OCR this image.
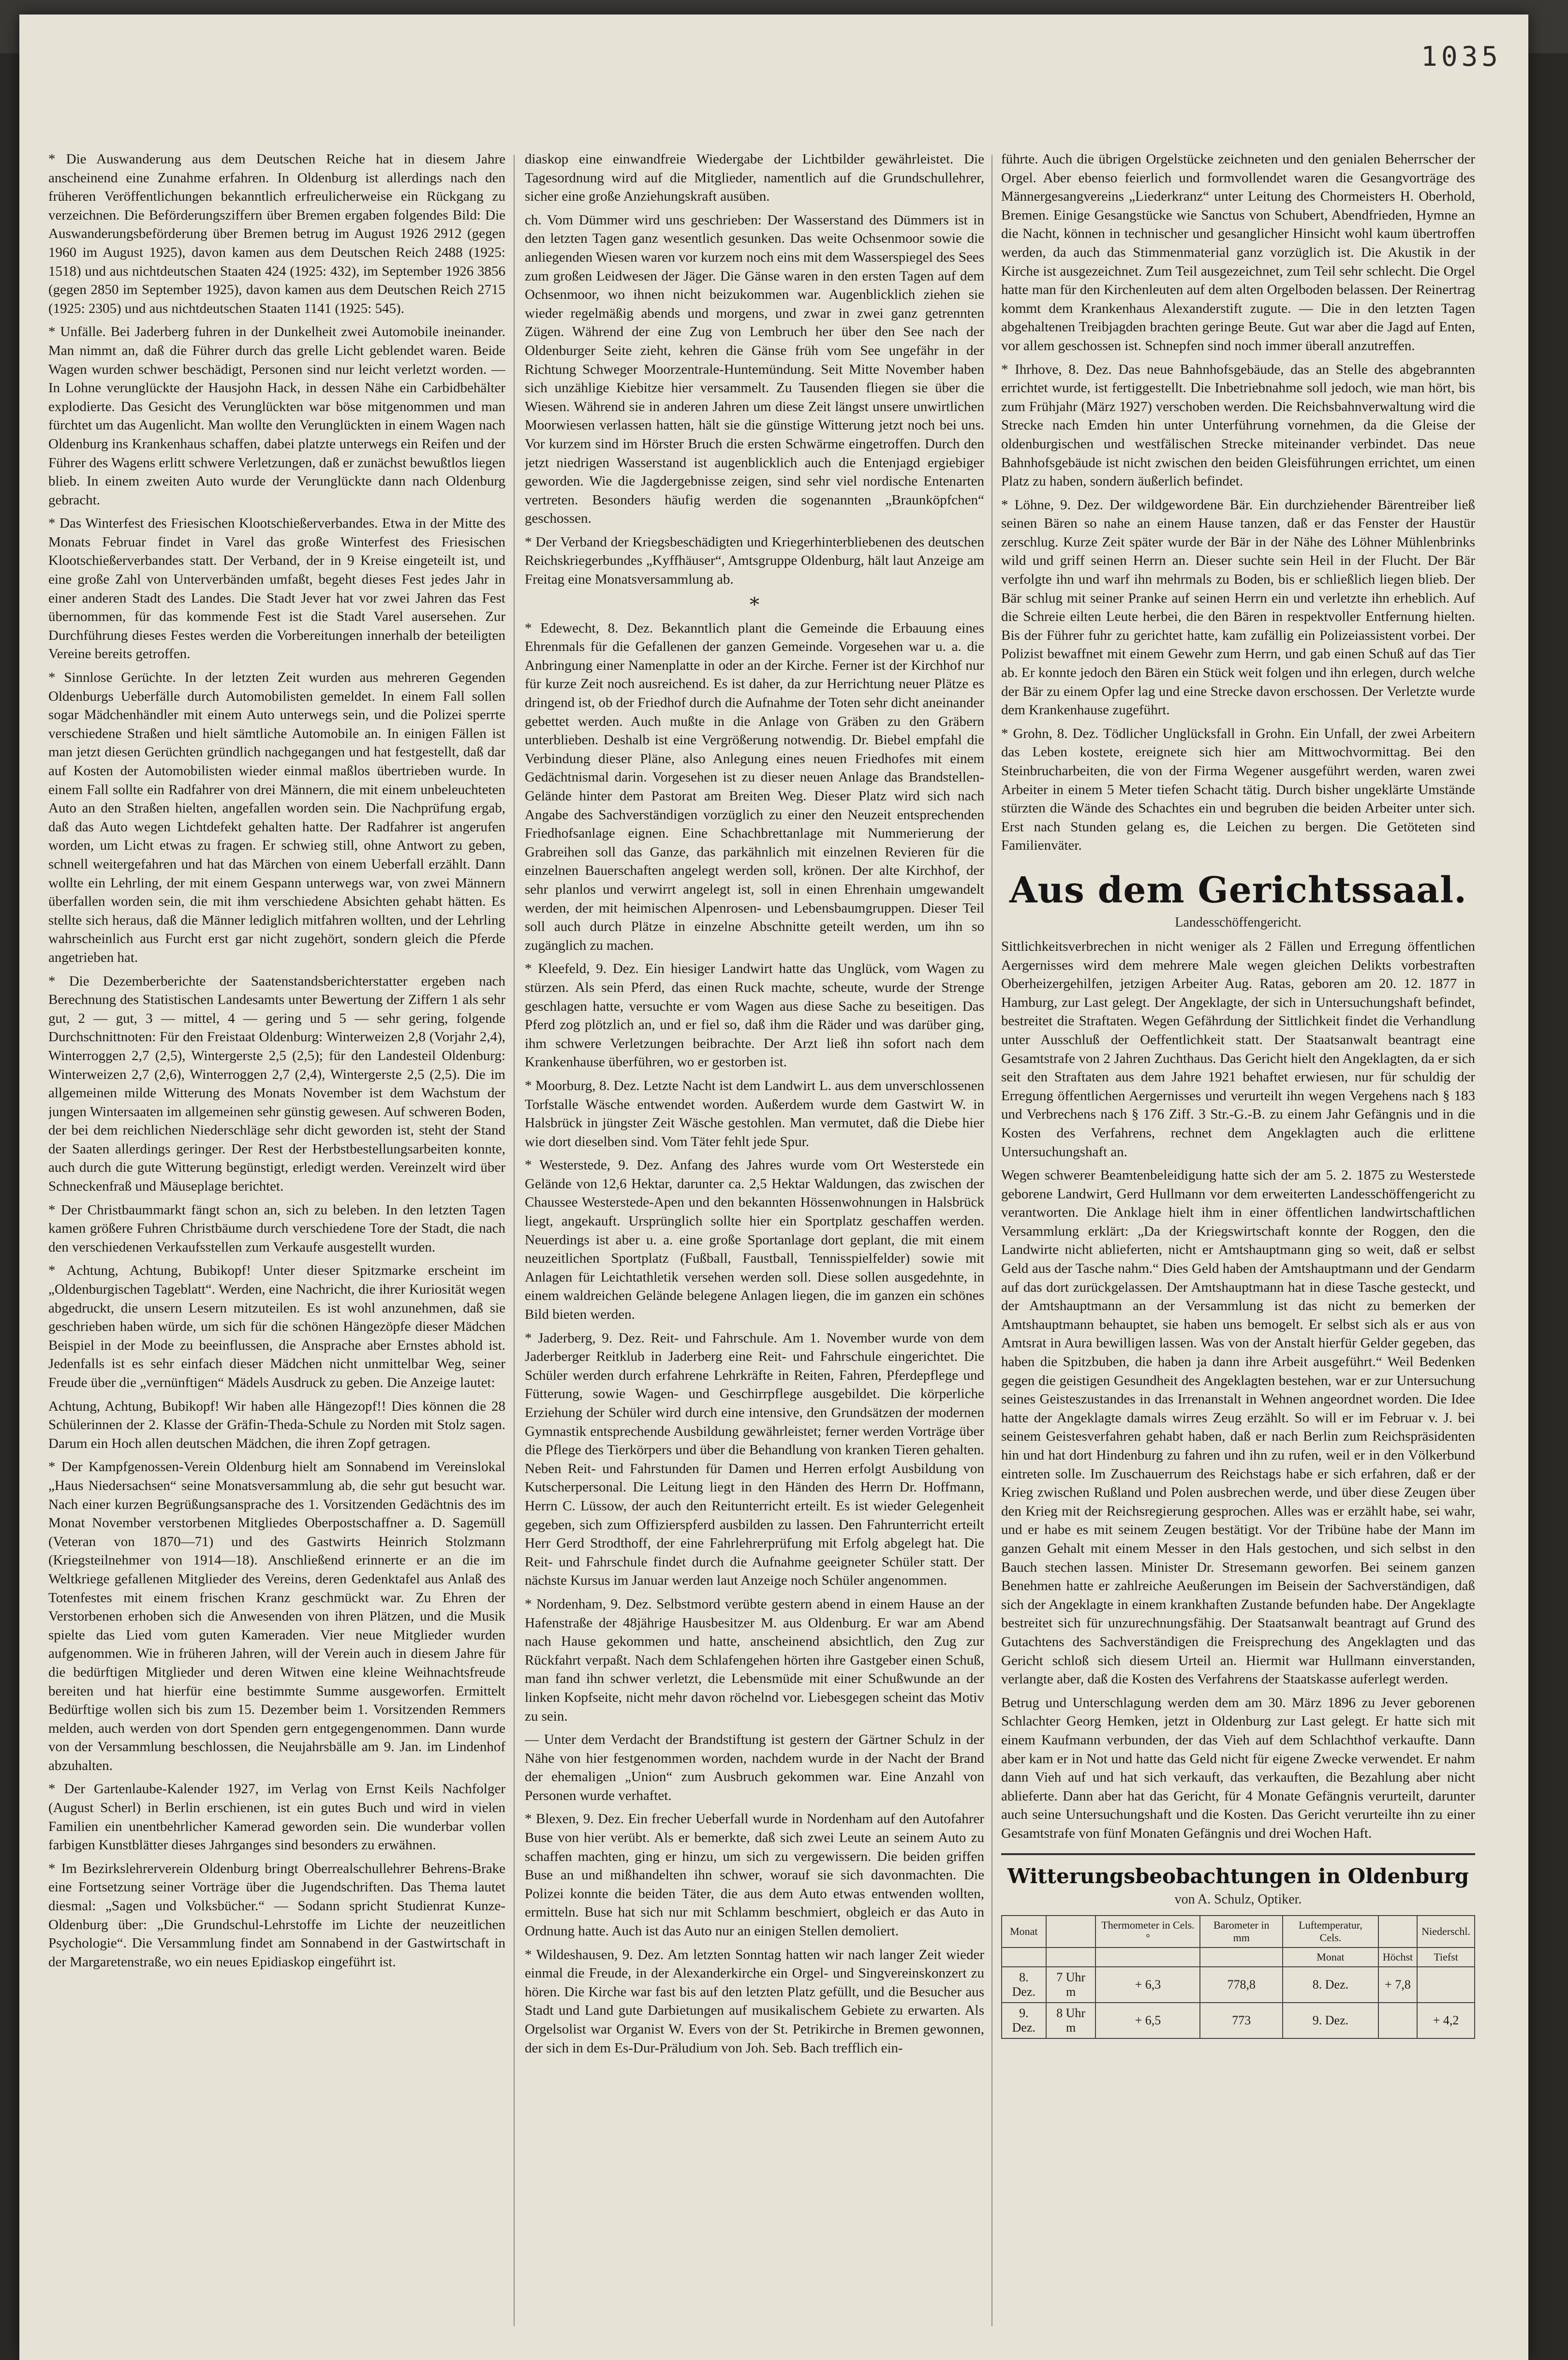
1035

* Die Auswanderung aus dem Deutschen Reiche hat in diesem Jahre anscheinend eine Zunahme erfahren. In Oldenburg ist allerdings nach den früheren Veröffentlichungen bekanntlich erfreulicherweise ein Rückgang zu verzeichnen. Die Beförderungsziffern über Bremen ergaben folgendes Bild: Die Auswanderungsbeförderung über Bremen betrug im August 1926 2912 (gegen 1960 im August 1925), davon kamen aus dem Deutschen Reich 2488 (1925: 1518) und aus nichtdeutschen Staaten 424 (1925: 432), im September 1926 3856 (gegen 2850 im September 1925), davon kamen aus dem Deutschen Reich 2715 (1925: 2305) und aus nichtdeutschen Staaten 1141 (1925: 545).

* Unfälle. Bei Jaderberg fuhren in der Dunkelheit zwei Automobile ineinander. Man nimmt an, daß die Führer durch das grelle Licht geblendet waren. Beide Wagen wurden schwer beschädigt, Personen sind nur leicht verletzt worden. — In Lohne verunglückte der Hausjohn Hack, in dessen Nähe ein Carbidbehälter explodierte. Das Gesicht des Verunglückten war böse mitgenommen und man fürchtet um das Augenlicht. Man wollte den Verunglückten in einem Wagen nach Oldenburg ins Krankenhaus schaffen, dabei platzte unterwegs ein Reifen und der Führer des Wagens erlitt schwere Verletzungen, daß er zunächst bewußtlos liegen blieb. In einem zweiten Auto wurde der Verunglückte dann nach Oldenburg gebracht.

* Das Winterfest des Friesischen Klootschießerverbandes. Etwa in der Mitte des Monats Februar findet in Varel das große Winterfest des Friesischen Klootschießerverbandes statt. Der Verband, der in 9 Kreise eingeteilt ist, und eine große Zahl von Unterverbänden umfaßt, begeht dieses Fest jedes Jahr in einer anderen Stadt des Landes. Die Stadt Jever hat vor zwei Jahren das Fest übernommen, für das kommende Fest ist die Stadt Varel ausersehen. Zur Durchführung dieses Festes werden die Vorbereitungen innerhalb der beteiligten Vereine bereits getroffen.

* Sinnlose Gerüchte. In der letzten Zeit wurden aus mehreren Gegenden Oldenburgs Ueberfälle durch Automobilisten gemeldet. In einem Fall sollen sogar Mädchenhändler mit einem Auto unterwegs sein, und die Polizei sperrte verschiedene Straßen und hielt sämtliche Automobile an. In einigen Fällen ist man jetzt diesen Gerüchten gründlich nachgegangen und hat festgestellt, daß dar auf Kosten der Automobilisten wieder einmal maßlos übertrieben wurde. In einem Fall sollte ein Radfahrer von drei Männern, die mit einem unbeleuchteten Auto an den Straßen hielten, angefallen worden sein. Die Nachprüfung ergab, daß das Auto wegen Lichtdefekt gehalten hatte. Der Radfahrer ist angerufen worden, um Licht etwas zu fragen. Er schwieg still, ohne Antwort zu geben, schnell weitergefahren und hat das Märchen von einem Ueberfall erzählt. Dann wollte ein Lehrling, der mit einem Gespann unterwegs war, von zwei Männern überfallen worden sein, die mit ihm verschiedene Absichten gehabt hätten. Es stellte sich heraus, daß die Männer lediglich mitfahren wollten, und der Lehrling wahrscheinlich aus Furcht erst gar nicht zugehört, sondern gleich die Pferde angetrieben hat.

* Die Dezemberberichte der Saatenstandsberichterstatter ergeben nach Berechnung des Statistischen Landesamts unter Bewertung der Ziffern 1 als sehr gut, 2 — gut, 3 — mittel, 4 — gering und 5 — sehr gering, folgende Durchschnittnoten: Für den Freistaat Oldenburg: Winterweizen 2,8 (Vorjahr 2,4), Winterroggen 2,7 (2,5), Wintergerste 2,5 (2,5); für den Landesteil Oldenburg: Winterweizen 2,7 (2,6), Winterroggen 2,7 (2,4), Wintergerste 2,5 (2,5). Die im allgemeinen milde Witterung des Monats November ist dem Wachstum der jungen Wintersaaten im allgemeinen sehr günstig gewesen. Auf schweren Boden, der bei dem reichlichen Niederschläge sehr dicht geworden ist, steht der Stand der Saaten allerdings geringer. Der Rest der Herbstbestellungsarbeiten konnte, auch durch die gute Witterung begünstigt, erledigt werden. Vereinzelt wird über Schneckenfraß und Mäuseplage berichtet.

* Der Christbaummarkt fängt schon an, sich zu beleben. In den letzten Tagen kamen größere Fuhren Christbäume durch verschiedene Tore der Stadt, die nach den verschiedenen Verkaufsstellen zum Verkaufe ausgestellt wurden.

* Achtung, Achtung, Bubikopf! Unter dieser Spitzmarke erscheint im „Oldenburgischen Tageblatt“. Werden, eine Nachricht, die ihrer Kuriosität wegen abgedruckt, die unsern Lesern mitzuteilen. Es ist wohl anzunehmen, daß sie geschrieben haben würde, um sich für die schönen Hängezöpfe dieser Mädchen Beispiel in der Mode zu beeinflussen, die Ansprache aber Ernstes abhold ist. Jedenfalls ist es sehr einfach dieser Mädchen nicht unmittelbar Weg, seiner Freude über die „vernünftigen“ Mädels Ausdruck zu geben. Die Anzeige lautet:

Achtung, Achtung, Bubikopf! Wir haben alle Hängezopf!! Dies können die 28 Schülerinnen der 2. Klasse der Gräfin-Theda-Schule zu Norden mit Stolz sagen. Darum ein Hoch allen deutschen Mädchen, die ihren Zopf getragen.

* Der Kampfgenossen-Verein Oldenburg hielt am Sonnabend im Vereinslokal „Haus Niedersachsen“ seine Monatsversammlung ab, die sehr gut besucht war. Nach einer kurzen Begrüßungsansprache des 1. Vorsitzenden Gedächtnis des im Monat November verstorbenen Mitgliedes Oberpostschaffner a. D. Sagemüll (Veteran von 1870—71) und des Gastwirts Heinrich Stolzmann (Kriegsteilnehmer von 1914—18). Anschließend erinnerte er an die im Weltkriege gefallenen Mitglieder des Vereins, deren Gedenktafel aus Anlaß des Totenfestes mit einem frischen Kranz geschmückt war. Zu Ehren der Verstorbenen erhoben sich die Anwesenden von ihren Plätzen, und die Musik spielte das Lied vom guten Kameraden. Vier neue Mitglieder wurden aufgenommen. Wie in früheren Jahren, will der Verein auch in diesem Jahre für die bedürftigen Mitglieder und deren Witwen eine kleine Weihnachtsfreude bereiten und hat hierfür eine bestimmte Summe ausgeworfen. Ermittelt Bedürftige wollen sich bis zum 15. Dezember beim 1. Vorsitzenden Remmers melden, auch werden von dort Spenden gern entgegengenommen. Dann wurde von der Versammlung beschlossen, die Neujahrsbälle am 9. Jan. im Lindenhof abzuhalten.

* Der Gartenlaube-Kalender 1927, im Verlag von Ernst Keils Nachfolger (August Scherl) in Berlin erschienen, ist ein gutes Buch und wird in vielen Familien ein unentbehrlicher Kamerad geworden sein. Die wunderbar vollen farbigen Kunstblätter dieses Jahrganges sind besonders zu erwähnen.

* Im Bezirkslehrerverein Oldenburg bringt Oberrealschullehrer Behrens-Brake eine Fortsetzung seiner Vorträge über die Jugendschriften. Das Thema lautet diesmal: „Sagen und Volksbücher.“ — Sodann spricht Studienrat Kunze-Oldenburg über: „Die Grundschul-Lehrstoffe im Lichte der neuzeitlichen Psychologie“. Die Versammlung findet am Sonnabend in der Gastwirtschaft in der Margaretenstraße, wo ein neues Epidiaskop eingeführt ist.

diaskop eine einwandfreie Wiedergabe der Lichtbilder gewährleistet. Die Tagesordnung wird auf die Mitglieder, namentlich auf die Grundschullehrer, sicher eine große Anziehungskraft ausüben.

ch. Vom Dümmer wird uns geschrieben: Der Wasserstand des Dümmers ist in den letzten Tagen ganz wesentlich gesunken. Das weite Ochsenmoor sowie die anliegenden Wiesen waren vor kurzem noch eins mit dem Wasserspiegel des Sees zum großen Leidwesen der Jäger. Die Gänse waren in den ersten Tagen auf dem Ochsenmoor, wo ihnen nicht beizukommen war. Augenblicklich ziehen sie wieder regelmäßig abends und morgens, und zwar in zwei ganz getrennten Zügen. Während der eine Zug von Lembruch her über den See nach der Oldenburger Seite zieht, kehren die Gänse früh vom See ungefähr in der Richtung Schweger Moorzentrale-Huntemündung. Seit Mitte November haben sich unzählige Kiebitze hier versammelt. Zu Tausenden fliegen sie über die Wiesen. Während sie in anderen Jahren um diese Zeit längst unsere unwirtlichen Moorwiesen verlassen hatten, hält sie die günstige Witterung jetzt noch bei uns. Vor kurzem sind im Hörster Bruch die ersten Schwärme eingetroffen. Durch den jetzt niedrigen Wasserstand ist augenblicklich auch die Entenjagd ergiebiger geworden. Wie die Jagdergebnisse zeigen, sind sehr viel nordische Entenarten vertreten. Besonders häufig werden die sogenannten „Braunköpfchen“ geschossen.

* Der Verband der Kriegsbeschädigten und Kriegerhinterbliebenen des deutschen Reichskriegerbundes „Kyffhäuser“, Amtsgruppe Oldenburg, hält laut Anzeige am Freitag eine Monatsversammlung ab.

*

* Edewecht, 8. Dez. Bekanntlich plant die Gemeinde die Erbauung eines Ehrenmals für die Gefallenen der ganzen Gemeinde. Vorgesehen war u. a. die Anbringung einer Namenplatte in oder an der Kirche. Ferner ist der Kirchhof nur für kurze Zeit noch ausreichend. Es ist daher, da zur Herrichtung neuer Plätze es dringend ist, ob der Friedhof durch die Aufnahme der Toten sehr dicht aneinander gebettet werden. Auch mußte in die Anlage von Gräben zu den Gräbern unterblieben. Deshalb ist eine Vergrößerung notwendig. Dr. Biebel empfahl die Verbindung dieser Pläne, also Anlegung eines neuen Friedhofes mit einem Gedächtnismal darin. Vorgesehen ist zu dieser neuen Anlage das Brandstellen-Gelände hinter dem Pastorat am Breiten Weg. Dieser Platz wird sich nach Angabe des Sachverständigen vorzüglich zu einer den Neuzeit entsprechenden Friedhofsanlage eignen. Eine Schachbrettanlage mit Nummerierung der Grabreihen soll das Ganze, das parkähnlich mit einzelnen Revieren für die einzelnen Bauerschaften angelegt werden soll, krönen. Der alte Kirchhof, der sehr planlos und verwirrt angelegt ist, soll in einen Ehrenhain umgewandelt werden, der mit heimischen Alpenrosen- und Lebensbaumgruppen. Dieser Teil soll auch durch Plätze in einzelne Abschnitte geteilt werden, um ihn so zugänglich zu machen.

* Kleefeld, 9. Dez. Ein hiesiger Landwirt hatte das Unglück, vom Wagen zu stürzen. Als sein Pferd, das einen Ruck machte, scheute, wurde der Strenge geschlagen hatte, versuchte er vom Wagen aus diese Sache zu beseitigen. Das Pferd zog plötzlich an, und er fiel so, daß ihm die Räder und was darüber ging, ihm schwere Verletzungen beibrachte. Der Arzt ließ ihn sofort nach dem Krankenhause überführen, wo er gestorben ist.

* Moorburg, 8. Dez. Letzte Nacht ist dem Landwirt L. aus dem unverschlossenen Torfstalle Wäsche entwendet worden. Außerdem wurde dem Gastwirt W. in Halsbrück in jüngster Zeit Wäsche gestohlen. Man vermutet, daß die Diebe hier wie dort dieselben sind. Vom Täter fehlt jede Spur.

* Westerstede, 9. Dez. Anfang des Jahres wurde vom Ort Westerstede ein Gelände von 12,6 Hektar, darunter ca. 2,5 Hektar Waldungen, das zwischen der Chaussee Westerstede-Apen und den bekannten Hössenwohnungen in Halsbrück liegt, angekauft. Ursprünglich sollte hier ein Sportplatz geschaffen werden. Neuerdings ist aber u. a. eine große Sportanlage dort geplant, die mit einem neuzeitlichen Sportplatz (Fußball, Faustball, Tennisspielfelder) sowie mit Anlagen für Leichtathletik versehen werden soll. Diese sollen ausgedehnte, in einem waldreichen Gelände belegene Anlagen liegen, die im ganzen ein schönes Bild bieten werden.

* Jaderberg, 9. Dez. Reit- und Fahrschule. Am 1. November wurde von dem Jaderberger Reitklub in Jaderberg eine Reit- und Fahrschule eingerichtet. Die Schüler werden durch erfahrene Lehrkräfte in Reiten, Fahren, Pferdepflege und Fütterung, sowie Wagen- und Geschirrpflege ausgebildet. Die körperliche Erziehung der Schüler wird durch eine intensive, den Grundsätzen der modernen Gymnastik entsprechende Ausbildung gewährleistet; ferner werden Vorträge über die Pflege des Tierkörpers und über die Behandlung von kranken Tieren gehalten. Neben Reit- und Fahrstunden für Damen und Herren erfolgt Ausbildung von Kutscherpersonal. Die Leitung liegt in den Händen des Herrn Dr. Hoffmann, Herrn C. Lüssow, der auch den Reitunterricht erteilt. Es ist wieder Gelegenheit gegeben, sich zum Offizierspferd ausbilden zu lassen. Den Fahrunterricht erteilt Herr Gerd Strodthoff, der eine Fahrlehrerprüfung mit Erfolg abgelegt hat. Die Reit- und Fahrschule findet durch die Aufnahme geeigneter Schüler statt. Der nächste Kursus im Januar werden laut Anzeige noch Schüler angenommen.

* Nordenham, 9. Dez. Selbstmord verübte gestern abend in einem Hause an der Hafenstraße der 48jährige Hausbesitzer M. aus Oldenburg. Er war am Abend nach Hause gekommen und hatte, anscheinend absichtlich, den Zug zur Rückfahrt verpaßt. Nach dem Schlafengehen hörten ihre Gastgeber einen Schuß, man fand ihn schwer verletzt, die Lebensmüde mit einer Schußwunde an der linken Kopfseite, nicht mehr davon röchelnd vor. Liebesgegen scheint das Motiv zu sein.

— Unter dem Verdacht der Brandstiftung ist gestern der Gärtner Schulz in der Nähe von hier festgenommen worden, nachdem wurde in der Nacht der Brand der ehemaligen „Union“ zum Ausbruch gekommen war. Eine Anzahl von Personen wurde verhaftet.

* Blexen, 9. Dez. Ein frecher Ueberfall wurde in Nordenham auf den Autofahrer Buse von hier verübt. Als er bemerkte, daß sich zwei Leute an seinem Auto zu schaffen machten, ging er hinzu, um sich zu vergewissern. Die beiden griffen Buse an und mißhandelten ihn schwer, worauf sie sich davonmachten. Die Polizei konnte die beiden Täter, die aus dem Auto etwas entwenden wollten, ermitteln. Buse hat sich nur mit Schlamm beschmiert, obgleich er das Auto in Ordnung hatte. Auch ist das Auto nur an einigen Stellen demoliert.

* Wildeshausen, 9. Dez. Am letzten Sonntag hatten wir nach langer Zeit wieder einmal die Freude, in der Alexanderkirche ein Orgel- und Singvereinskonzert zu hören. Die Kirche war fast bis auf den letzten Platz gefüllt, und die Besucher aus Stadt und Land gute Darbietungen auf musikalischem Gebiete zu erwarten. Als Orgelsolist war Organist W. Evers von der St. Petrikirche in Bremen gewonnen, der sich in dem Es-Dur-Präludium von Joh. Seb. Bach trefflich ein-

führte. Auch die übrigen Orgelstücke zeichneten und den genialen Beherrscher der Orgel. Aber ebenso feierlich und formvollendet waren die Gesangvorträge des Männergesangvereins „Liederkranz“ unter Leitung des Chormeisters H. Oberhold, Bremen. Einige Gesangstücke wie Sanctus von Schubert, Abendfrieden, Hymne an die Nacht, können in technischer und gesanglicher Hinsicht wohl kaum übertroffen werden, da auch das Stimmenmaterial ganz vorzüglich ist. Die Akustik in der Kirche ist ausgezeichnet. Zum Teil ausgezeichnet, zum Teil sehr schlecht. Die Orgel hatte man für den Kirchenleuten auf dem alten Orgelboden belassen. Der Reinertrag kommt dem Krankenhaus Alexanderstift zugute. — Die in den letzten Tagen abgehaltenen Treibjagden brachten geringe Beute. Gut war aber die Jagd auf Enten, vor allem geschossen ist. Schnepfen sind noch immer überall anzutreffen.

* Ihrhove, 8. Dez. Das neue Bahnhofsgebäude, das an Stelle des abgebrannten errichtet wurde, ist fertiggestellt. Die Inbetriebnahme soll jedoch, wie man hört, bis zum Frühjahr (März 1927) verschoben werden. Die Reichsbahnverwaltung wird die Strecke nach Emden hin unter Unterführung vornehmen, da die Gleise der oldenburgischen und westfälischen Strecke miteinander verbindet. Das neue Bahnhofsgebäude ist nicht zwischen den beiden Gleisführungen errichtet, um einen Platz zu haben, sondern äußerlich befindet.

* Löhne, 9. Dez. Der wildgewordene Bär. Ein durchziehender Bärentreiber ließ seinen Bären so nahe an einem Hause tanzen, daß er das Fenster der Haustür zerschlug. Kurze Zeit später wurde der Bär in der Nähe des Löhner Mühlenbrinks wild und griff seinen Herrn an. Dieser suchte sein Heil in der Flucht. Der Bär verfolgte ihn und warf ihn mehrmals zu Boden, bis er schließlich liegen blieb. Der Bär schlug mit seiner Pranke auf seinen Herrn ein und verletzte ihn erheblich. Auf die Schreie eilten Leute herbei, die den Bären in respektvoller Entfernung hielten. Bis der Führer fuhr zu gerichtet hatte, kam zufällig ein Polizeiassistent vorbei. Der Polizist bewaffnet mit einem Gewehr zum Herrn, und gab einen Schuß auf das Tier ab. Er konnte jedoch den Bären ein Stück weit folgen und ihn erlegen, durch welche der Bär zu einem Opfer lag und eine Strecke davon erschossen. Der Verletzte wurde dem Krankenhause zugeführt.

* Grohn, 8. Dez. Tödlicher Unglücksfall in Grohn. Ein Unfall, der zwei Arbeitern das Leben kostete, ereignete sich hier am Mittwochvormittag. Bei den Steinbrucharbeiten, die von der Firma Wegener ausgeführt werden, waren zwei Arbeiter in einem 5 Meter tiefen Schacht tätig. Durch bisher ungeklärte Umstände stürzten die Wände des Schachtes ein und begruben die beiden Arbeiter unter sich. Erst nach Stunden gelang es, die Leichen zu bergen. Die Getöteten sind Familienväter.

Aus dem Gerichtssaal.
Landesschöffengericht.

Sittlichkeitsverbrechen in nicht weniger als 2 Fällen und Erregung öffentlichen Aergernisses wird dem mehrere Male wegen gleichen Delikts vorbestraften Oberheizergehilfen, jetzigen Arbeiter Aug. Ratas, geboren am 20. 12. 1877 in Hamburg, zur Last gelegt. Der Angeklagte, der sich in Untersuchungshaft befindet, bestreitet die Straftaten. Wegen Gefährdung der Sittlichkeit findet die Verhandlung unter Ausschluß der Oeffentlichkeit statt. Der Staatsanwalt beantragt eine Gesamtstrafe von 2 Jahren Zuchthaus. Das Gericht hielt den Angeklagten, da er sich seit den Straftaten aus dem Jahre 1921 behaftet erwiesen, nur für schuldig der Erregung öffentlichen Aergernisses und verurteilt ihn wegen Vergehens nach § 183 und Verbrechens nach § 176 Ziff. 3 Str.-G.-B. zu einem Jahr Gefängnis und in die Kosten des Verfahrens, rechnet dem Angeklagten auch die erlittene Untersuchungshaft an.

Wegen schwerer Beamtenbeleidigung hatte sich der am 5. 2. 1875 zu Westerstede geborene Landwirt, Gerd Hullmann vor dem erweiterten Landesschöffengericht zu verantworten. Die Anklage hielt ihm in einer öffentlichen landwirtschaftlichen Versammlung erklärt: „Da der Kriegswirtschaft konnte der Roggen, den die Landwirte nicht ablieferten, nicht er Amtshauptmann ging so weit, daß er selbst Geld aus der Tasche nahm.“ Dies Geld haben der Amtshauptmann und der Gendarm auf das dort zurückgelassen. Der Amtshauptmann hat in diese Tasche gesteckt, und der Amtshauptmann an der Versammlung ist das nicht zu bemerken der Amtshauptmann behauptet, sie haben uns bemogelt. Er selbst sich als er aus von Amtsrat in Aura bewilligen lassen. Was von der Anstalt hierfür Gelder gegeben, das haben die Spitzbuben, die haben ja dann ihre Arbeit ausgeführt.“ Weil Bedenken gegen die geistigen Gesundheit des Angeklagten bestehen, war er zur Untersuchung seines Geisteszustandes in das Irrenanstalt in Wehnen angeordnet worden. Die Idee hatte der Angeklagte damals wirres Zeug erzählt. So will er im Februar v. J. bei seinem Geistesverfahren gehabt haben, daß er nach Berlin zum Reichspräsidenten hin und hat dort Hindenburg zu fahren und ihn zu rufen, weil er in den Völkerbund eintreten solle. Im Zuschauerrum des Reichstags habe er sich erfahren, daß er der Krieg zwischen Rußland und Polen ausbrechen werde, und über diese Zeugen über den Krieg mit der Reichsregierung gesprochen. Alles was er erzählt habe, sei wahr, und er habe es mit seinem Zeugen bestätigt. Vor der Tribüne habe der Mann im ganzen Gehalt mit einem Messer in den Hals gestochen, und sich selbst in den Bauch stechen lassen. Minister Dr. Stresemann geworfen. Bei seinem ganzen Benehmen hatte er zahlreiche Aeußerungen im Beisein der Sachverständigen, daß sich der Angeklagte in einem krankhaften Zustande befunden habe. Der Angeklagte bestreitet sich für unzurechnungsfähig. Der Staatsanwalt beantragt auf Grund des Gutachtens des Sachverständigen die Freisprechung des Angeklagten und das Gericht schloß sich diesem Urteil an. Hiermit war Hullmann einverstanden, verlangte aber, daß die Kosten des Verfahrens der Staatskasse auferlegt werden.

Betrug und Unterschlagung werden dem am 30. März 1896 zu Jever geborenen Schlachter Georg Hemken, jetzt in Oldenburg zur Last gelegt. Er hatte sich mit einem Kaufmann verbunden, der das Vieh auf dem Schlachthof verkaufte. Dann aber kam er in Not und hatte das Geld nicht für eigene Zwecke verwendet. Er nahm dann Vieh auf und hat sich verkauft, das verkauften, die Bezahlung aber nicht ablieferte. Dann aber hat das Gericht, für 4 Monate Gefängnis verurteilt, darunter auch seine Untersuchungshaft und die Kosten. Das Gericht verurteilte ihn zu einer Gesamtstrafe von fünf Monaten Gefängnis und drei Wochen Haft.

Witterungsbeobachtungen in Oldenburg
von A. Schulz, Optiker.
Monat		Thermometer in Cels.°	Barometer in mm	Luftemperatur, Cels.		Niederschl.
				Monat	Höchst	Tiefst
8. Dez.	7 Uhr m	+ 6,3	778,8	8. Dez.	+ 7,8	
9. Dez.	8 Uhr m	+ 6,5	773	9. Dez.		+ 4,2
